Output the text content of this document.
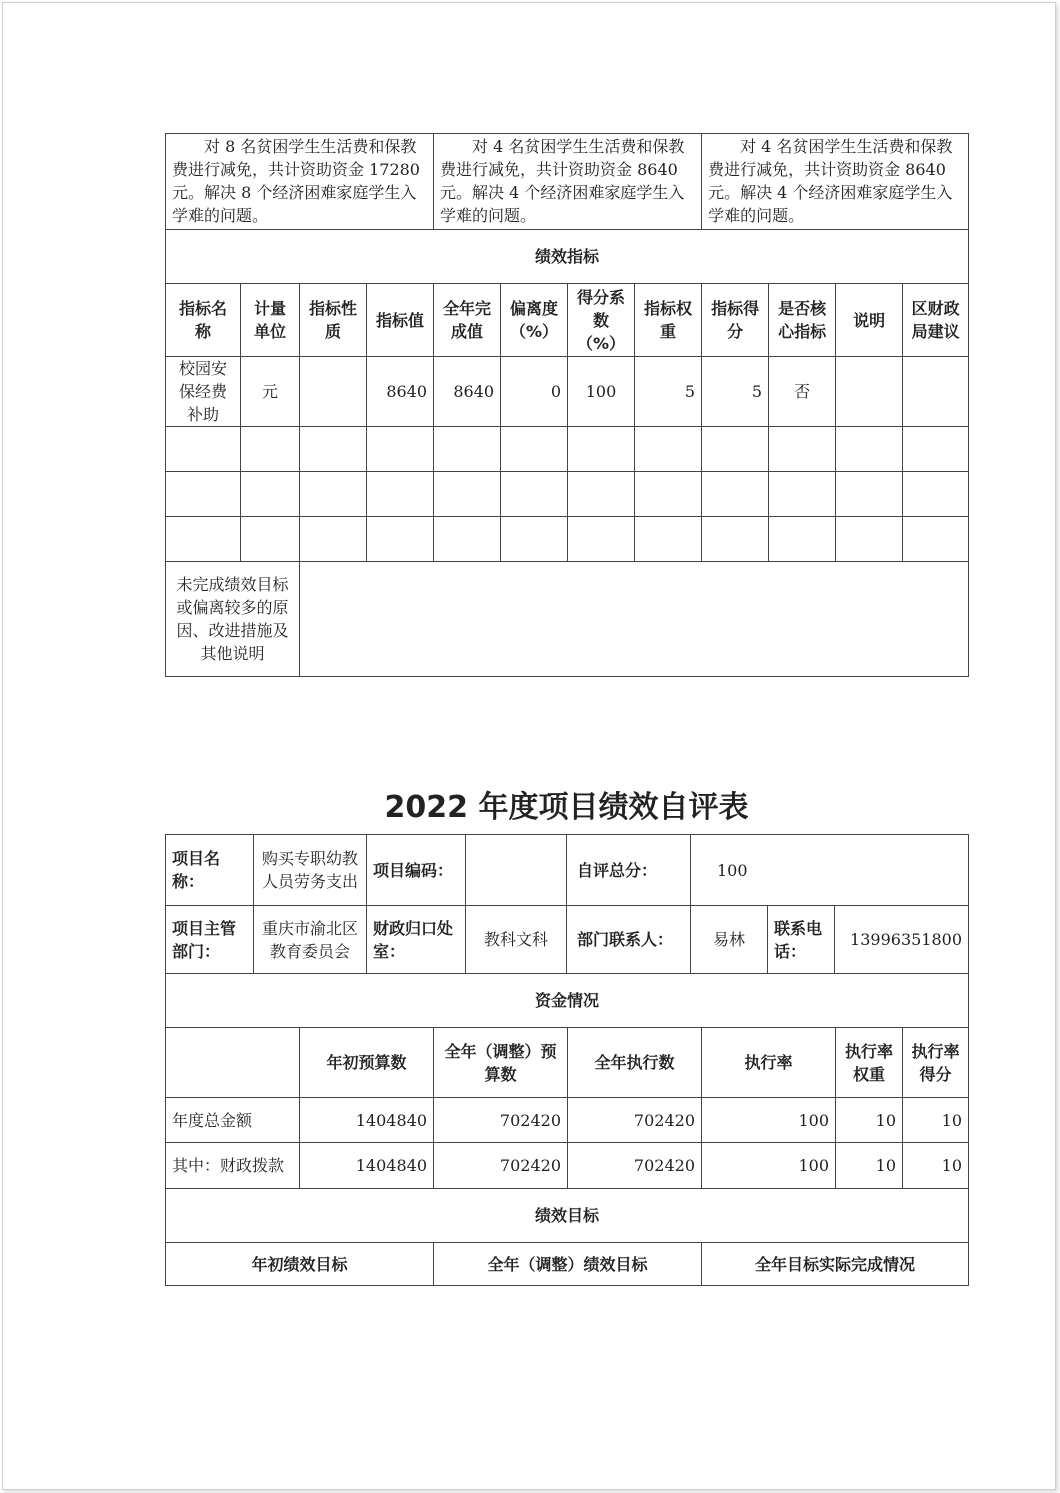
对 8 名贫困学生生活费和保教费进行减免，共计资助资金 17280 元。解决 8 个经济困难家庭学生入学难的问题。				对 4 名贫困学生生活费和保教费进行减免，共计资助资金 8640 元。解决 4 个经济困难家庭学生入学难的问题。				对 4 名贫困学生生活费和保教费进行减免，共计资助资金 8640 元。解决 4 个经济困难家庭学生入学难的问题。			
绩效指标											
指标名称	计量单位	指标性质	指标值	全年完成值	偏离度（%）	得分系数（%）	指标权重	指标得分	是否核心指标	说明	区财政局建议
校园安保经费补助	元		8640	8640	0	100	5	5	否		

未完成绩效目标或偏离较多的原因、改进措施及其他说明											
2022 年度项目绩效自评表
项目名称：	购买专职幼教人员劳务支出	项目编码：		自评总分：	100		
项目主管部门：	重庆市渝北区教育委员会	财政归口处室：	教科文科	部门联系人：	易林	联系电话：	13996351800
资金情况						
	年初预算数	全年（调整）预算数	全年执行数	执行率	执行率权重	执行率得分
年度总金额	1404840	702420	702420	100	10	10
其中：财政拨款	1404840	702420	702420	100	10	10
绩效目标						
年初绩效目标		全年（调整）绩效目标		全年目标实际完成情况		
